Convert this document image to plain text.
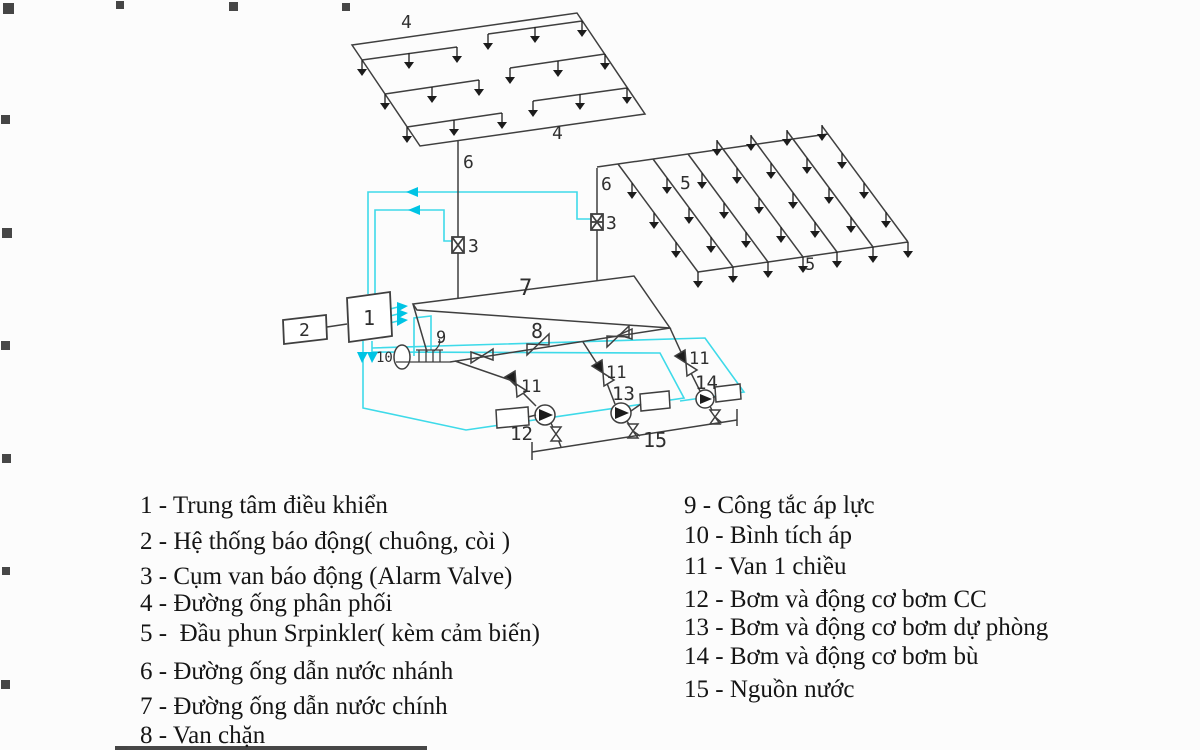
4
4
6
6
3
3
5
5
7
1
2	9
10
8
11
11
11
12
13	14
15
1 - Trung tâm điều khiển
2 - Hệ thống báo động( chuông, còi )
3 - Cụm van báo động (Alarm Valve)
4 - Đường ống phân phối
5 -  Đầu phun Srpinkler( kèm cảm biến)
6 - Đường ống dẫn nước nhánh
7 - Đường ống dẫn nước chính
8 - Van chặn
9 - Công tắc áp lực
10 - Bình tích áp
11 - Van 1 chiều
12 - Bơm và động cơ bơm CC
13 - Bơm và động cơ bơm dự phòng
14 - Bơm và động cơ bơm bù
15 - Nguồn nước
